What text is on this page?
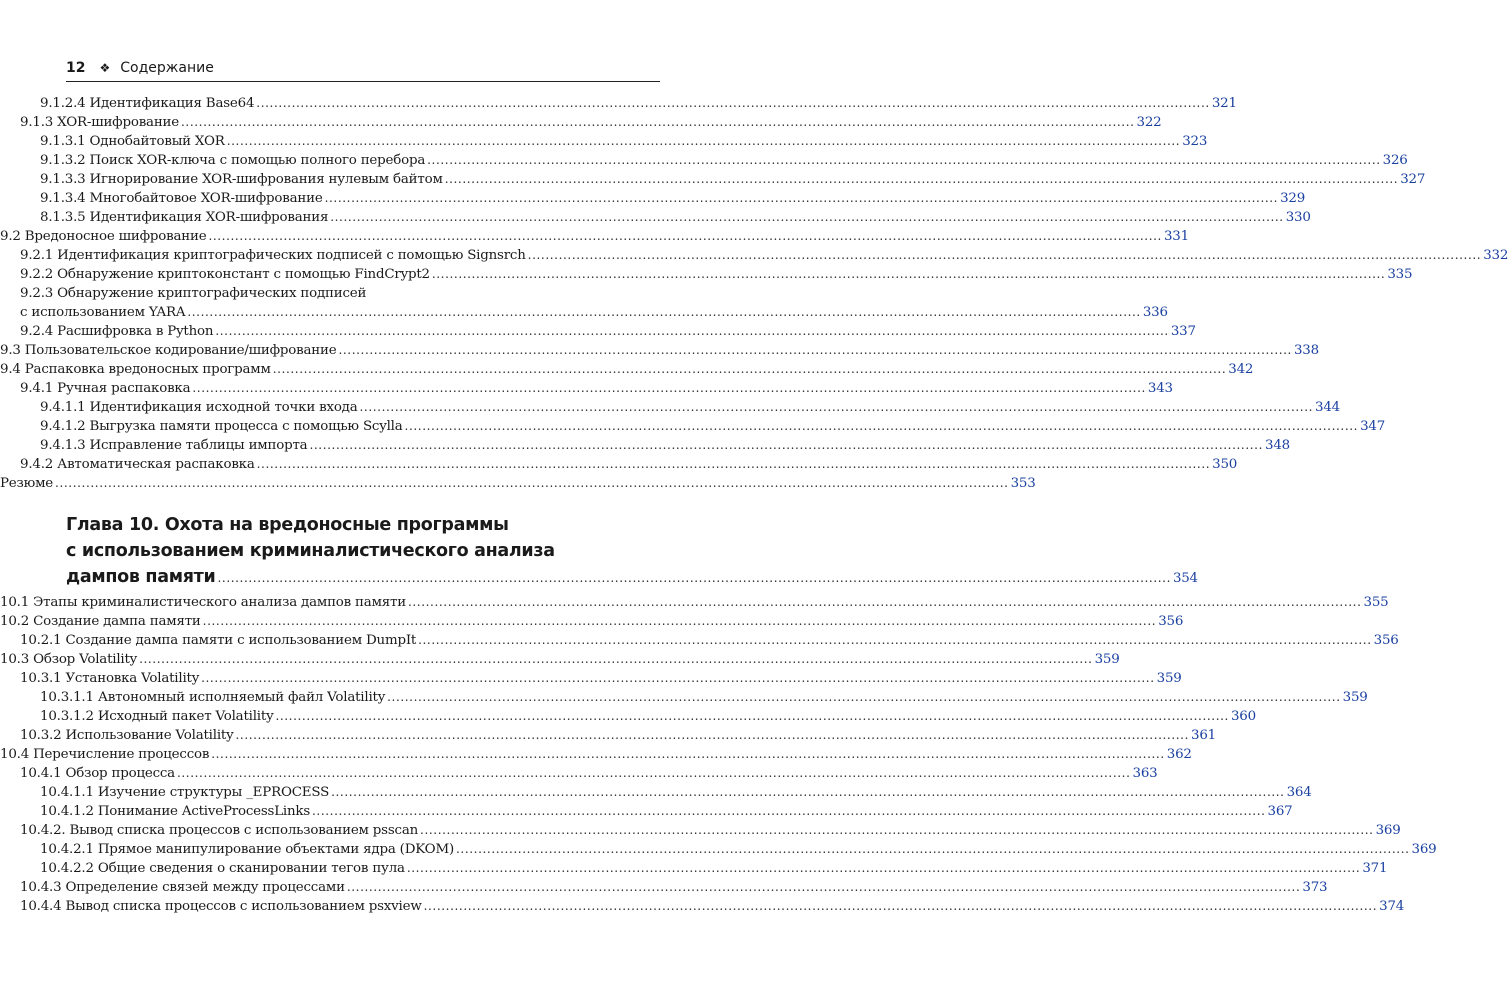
12 ❖ Содержание
9.1.2.4 Идентификация Base64 .....	321
9.1.3 XOR-шифрование .....	322
9.1.3.1 Однобайтовый XOR .....	323
9.1.3.2 Поиск XOR-ключа с помощью полного перебора .....	326
9.1.3.3 Игнорирование XOR-шифрования нулевым байтом .....	327
9.1.3.4 Многобайтовое XOR-шифрование .....	329
8.1.3.5 Идентификация XOR-шифрования .....	330
9.2 Вредоносное шифрование .....	331
9.2.1 Идентификация криптографических подписей с помощью Signsrch .....	332
9.2.2 Обнаружение криптоконстант с помощью FindCrypt2 .....	335
9.2.3 Обнаружение криптографических подписей
с использованием YARA .....	336
9.2.4 Расшифровка в Python .....	337
9.3 Пользовательское кодирование/шифрование .....	338
9.4 Распаковка вредоносных программ .....	342
9.4.1 Ручная распаковка .....	343
9.4.1.1 Идентификация исходной точки входа .....	344
9.4.1.2 Выгрузка памяти процесса с помощью Scylla .....	347
9.4.1.3 Исправление таблицы импорта .....	348
9.4.2 Автоматическая распаковка .....	350
Резюме .....	353
Глава 10. Охота на вредоносные программы
с использованием криминалистического анализа
дампов памяти .....	354
10.1 Этапы криминалистического анализа дампов памяти .....	355
10.2 Создание дампа памяти .....	356
10.2.1 Создание дампа памяти с использованием DumpIt .....	356
10.3 Обзор Volatility .....	359
10.3.1 Установка Volatility .....	359
10.3.1.1 Автономный исполняемый файл Volatility .....	359
10.3.1.2 Исходный пакет Volatility .....	360
10.3.2 Использование Volatility .....	361
10.4 Перечисление процессов .....	362
10.4.1 Обзор процесса .....	363
10.4.1.1 Изучение структуры _EPROCESS .....	364
10.4.1.2 Понимание ActiveProcessLinks .....	367
10.4.2. Вывод списка процессов с использованием psscan .....	369
10.4.2.1 Прямое манипулирование объектами ядра (DKOM) .....	369
10.4.2.2 Общие сведения о сканировании тегов пула .....	371
10.4.3 Определение связей между процессами .....	373
10.4.4 Вывод списка процессов с использованием psxview .....	374
